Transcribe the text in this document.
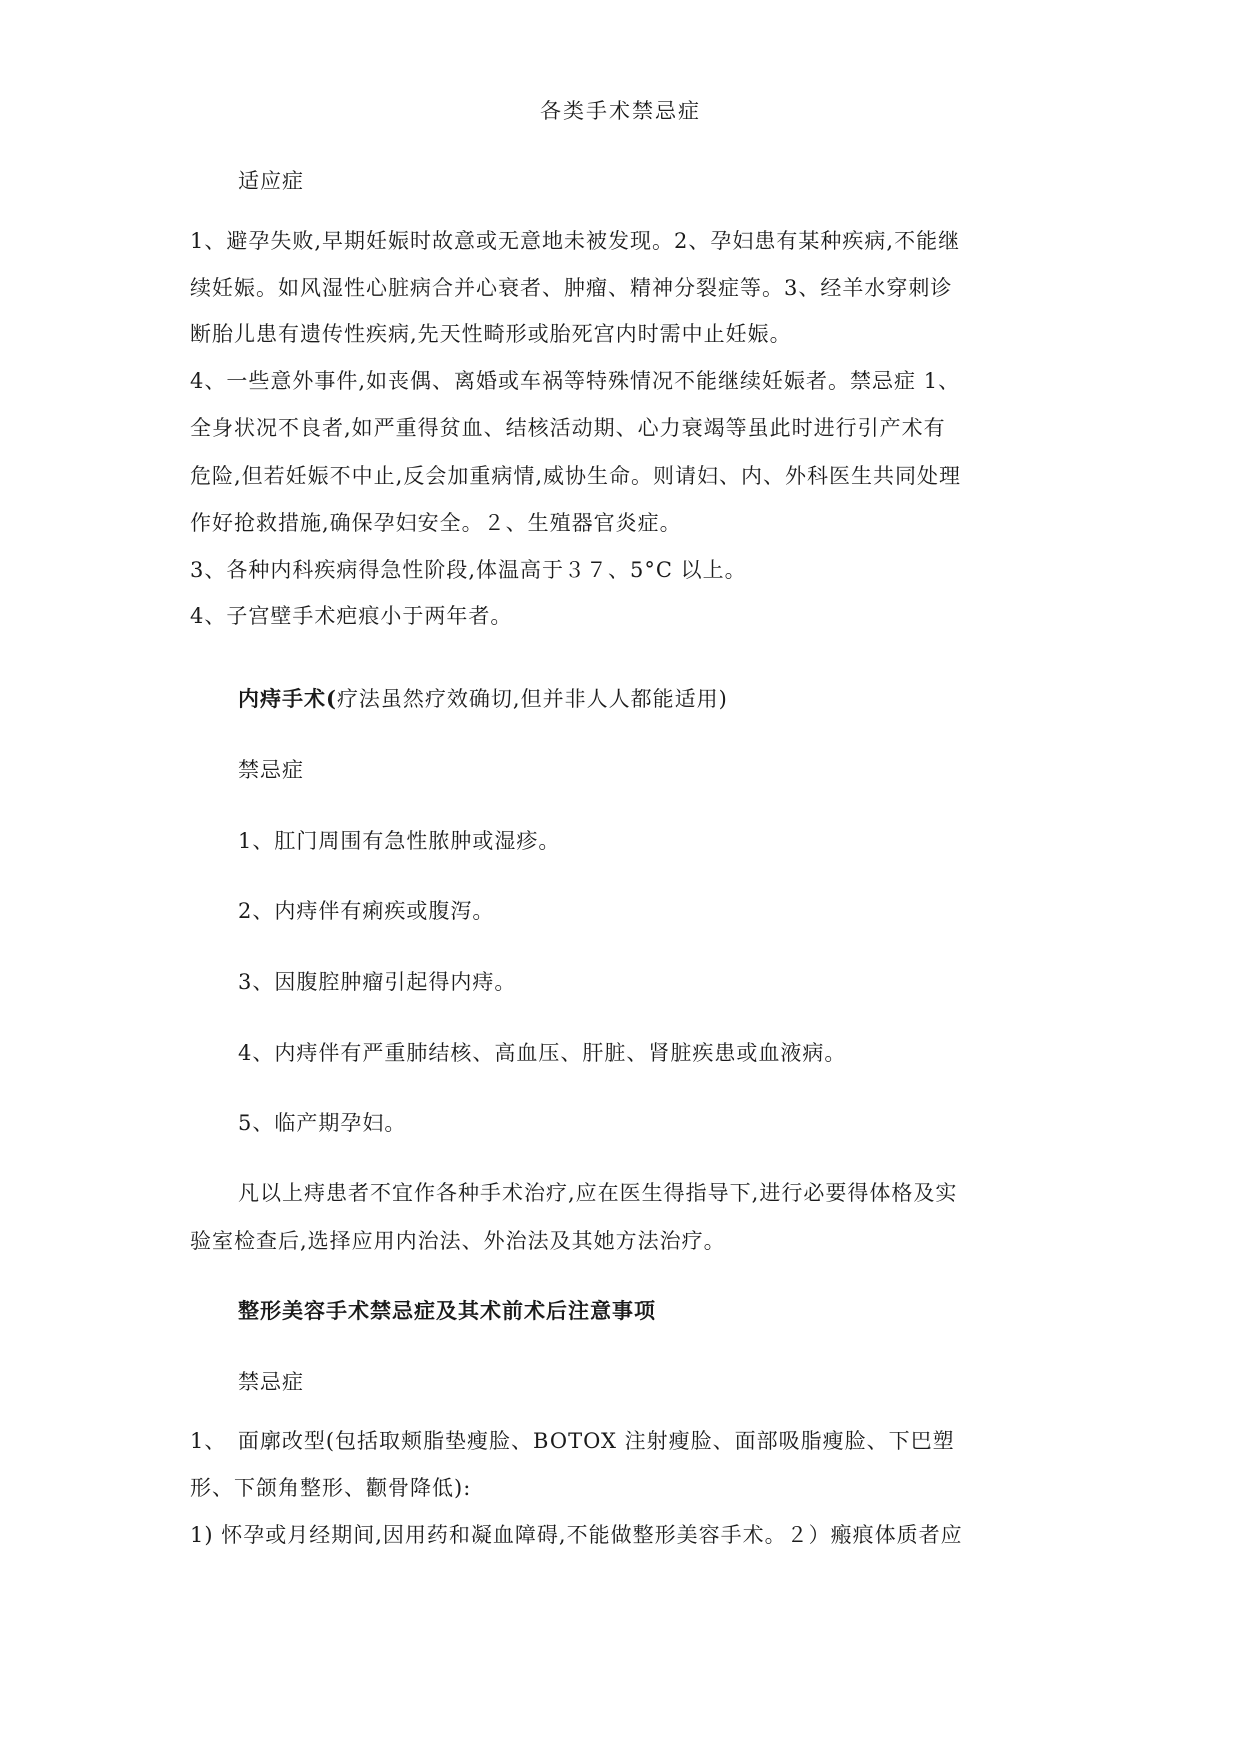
各类手术禁忌症
适应症
1、避孕失败,早期妊娠时故意或无意地未被发现。2、孕妇患有某种疾病,不能继
续妊娠。如风湿性心脏病合并心衰者、肿瘤、精神分裂症等。3、经羊水穿刺诊
断胎儿患有遗传性疾病,先天性畸形或胎死宫内时需中止妊娠。
4、一些意外事件,如丧偶、离婚或车祸等特殊情况不能继续妊娠者。禁忌症 1、
全身状况不良者,如严重得贫血、结核活动期、心力衰竭等虽此时进行引产术有
危险,但若妊娠不中止,反会加重病情,威协生命。则请妇、内、外科医生共同处理
作好抢救措施,确保孕妇安全。２、生殖器官炎症。
3、各种内科疾病得急性阶段,体温高于３７、5°C 以上。
4、子宫壁手术疤痕小于两年者。
内痔手术(疗法虽然疗效确切,但并非人人都能适用)
禁忌症
1、肛门周围有急性脓肿或湿疹。
2、内痔伴有痢疾或腹泻。
3、因腹腔肿瘤引起得内痔。
4、内痔伴有严重肺结核、高血压、肝脏、肾脏疾患或血液病。
5、临产期孕妇。
凡以上痔患者不宜作各种手术治疗,应在医生得指导下,进行必要得体格及实
验室检查后,选择应用内治法、外治法及其她方法治疗。
整形美容手术禁忌症及其术前术后注意事项
禁忌症
1、　面廓改型(包括取颊脂垫瘦脸、BOTOX 注射瘦脸、面部吸脂瘦脸、下巴塑
形、下颌角整形、颧骨降低):
1) 怀孕或月经期间,因用药和凝血障碍,不能做整形美容手术。２）瘢痕体质者应
